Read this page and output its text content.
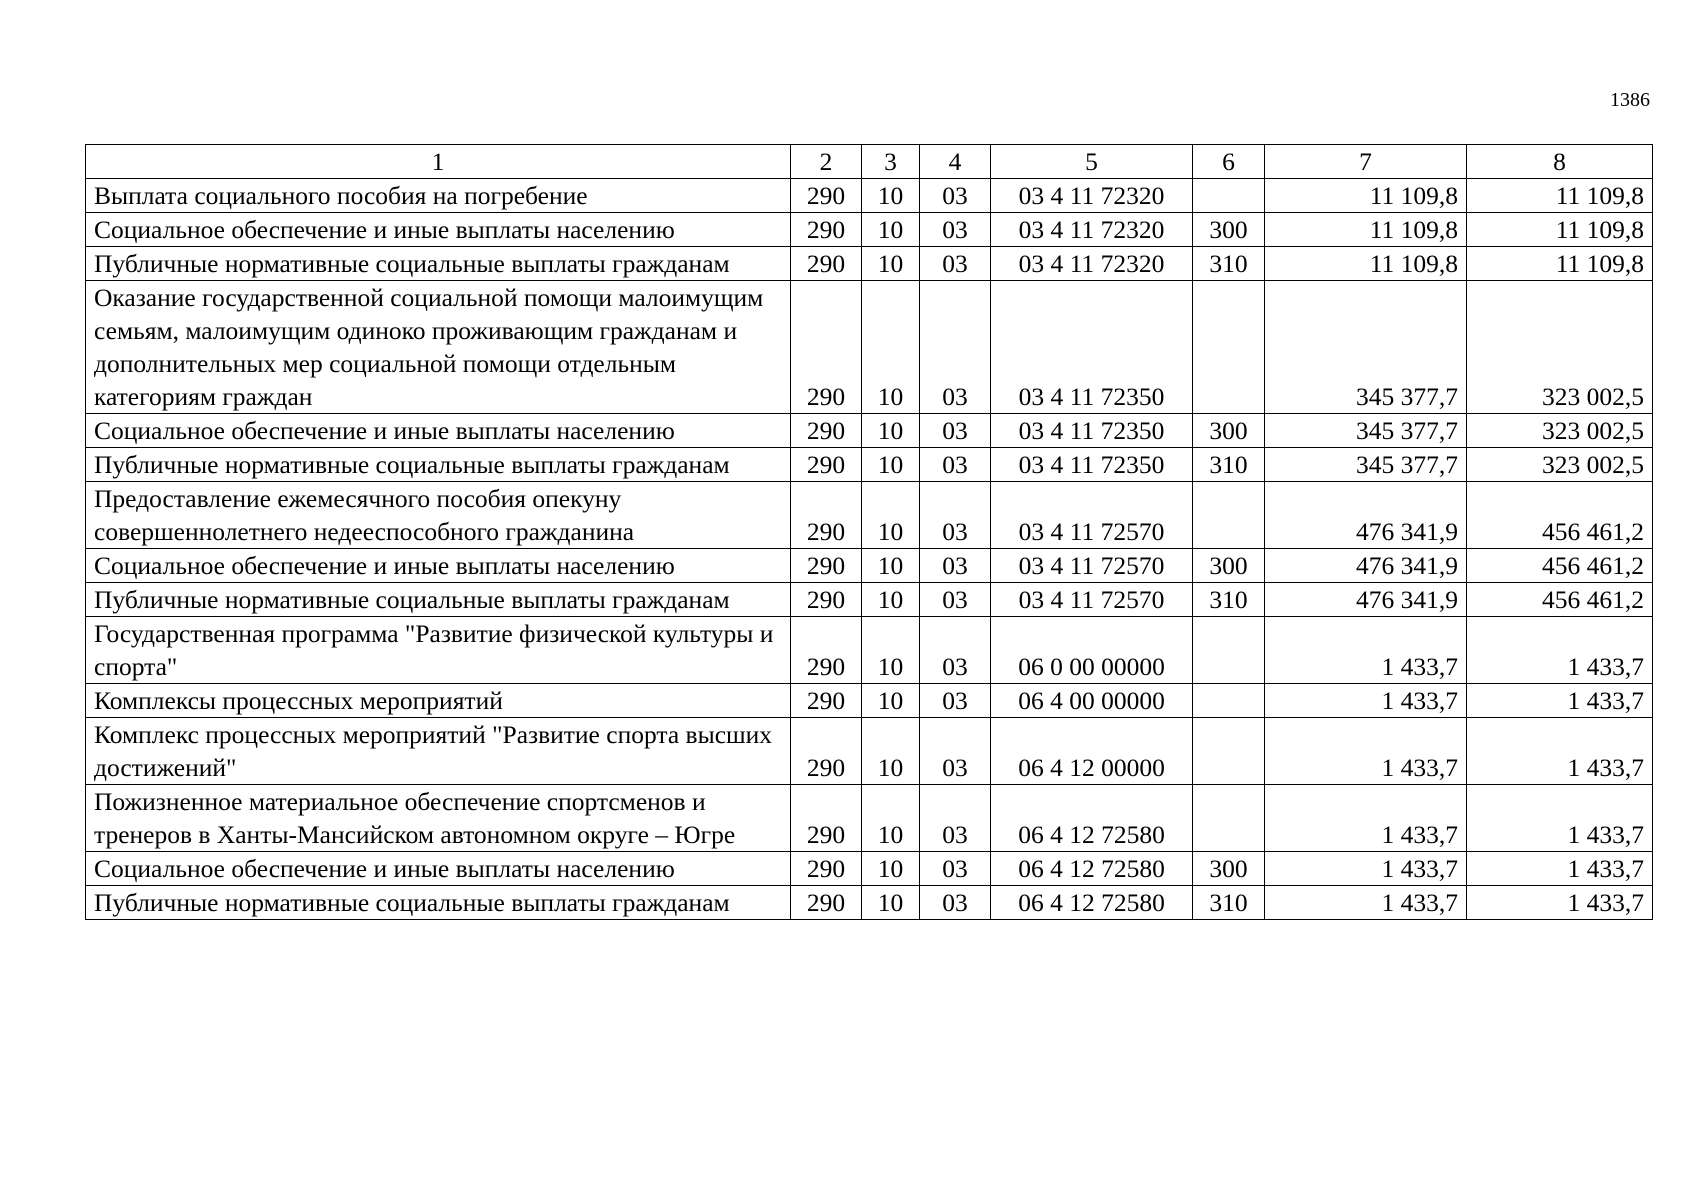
1386
1	2	3	4	5	6	7	8
Выплата социального пособия на погребение	290	10	03	03 4 11 72320		11 109,8	11 109,8
Социальное обеспечение и иные выплаты населению	290	10	03	03 4 11 72320	300	11 109,8	11 109,8
Публичные нормативные социальные выплаты гражданам	290	10	03	03 4 11 72320	310	11 109,8	11 109,8
Оказание государственной социальной помощи малоимущим семьям, малоимущим одиноко проживающим гражданам и дополнительных мер социальной помощи отдельным категориям граждан	290	10	03	03 4 11 72350		345 377,7	323 002,5
Социальное обеспечение и иные выплаты населению	290	10	03	03 4 11 72350	300	345 377,7	323 002,5
Публичные нормативные социальные выплаты гражданам	290	10	03	03 4 11 72350	310	345 377,7	323 002,5
Предоставление ежемесячного пособия опекуну совершеннолетнего недееспособного гражданина	290	10	03	03 4 11 72570		476 341,9	456 461,2
Социальное обеспечение и иные выплаты населению	290	10	03	03 4 11 72570	300	476 341,9	456 461,2
Публичные нормативные социальные выплаты гражданам	290	10	03	03 4 11 72570	310	476 341,9	456 461,2
Государственная программа "Развитие физической культуры и спорта"	290	10	03	06 0 00 00000		1 433,7	1 433,7
Комплексы процессных мероприятий	290	10	03	06 4 00 00000		1 433,7	1 433,7
Комплекс процессных мероприятий "Развитие спорта высших достижений"	290	10	03	06 4 12 00000		1 433,7	1 433,7
Пожизненное материальное обеспечение спортсменов и тренеров в Ханты-Мансийском автономном округе – Югре	290	10	03	06 4 12 72580		1 433,7	1 433,7
Социальное обеспечение и иные выплаты населению	290	10	03	06 4 12 72580	300	1 433,7	1 433,7
Публичные нормативные социальные выплаты гражданам	290	10	03	06 4 12 72580	310	1 433,7	1 433,7
